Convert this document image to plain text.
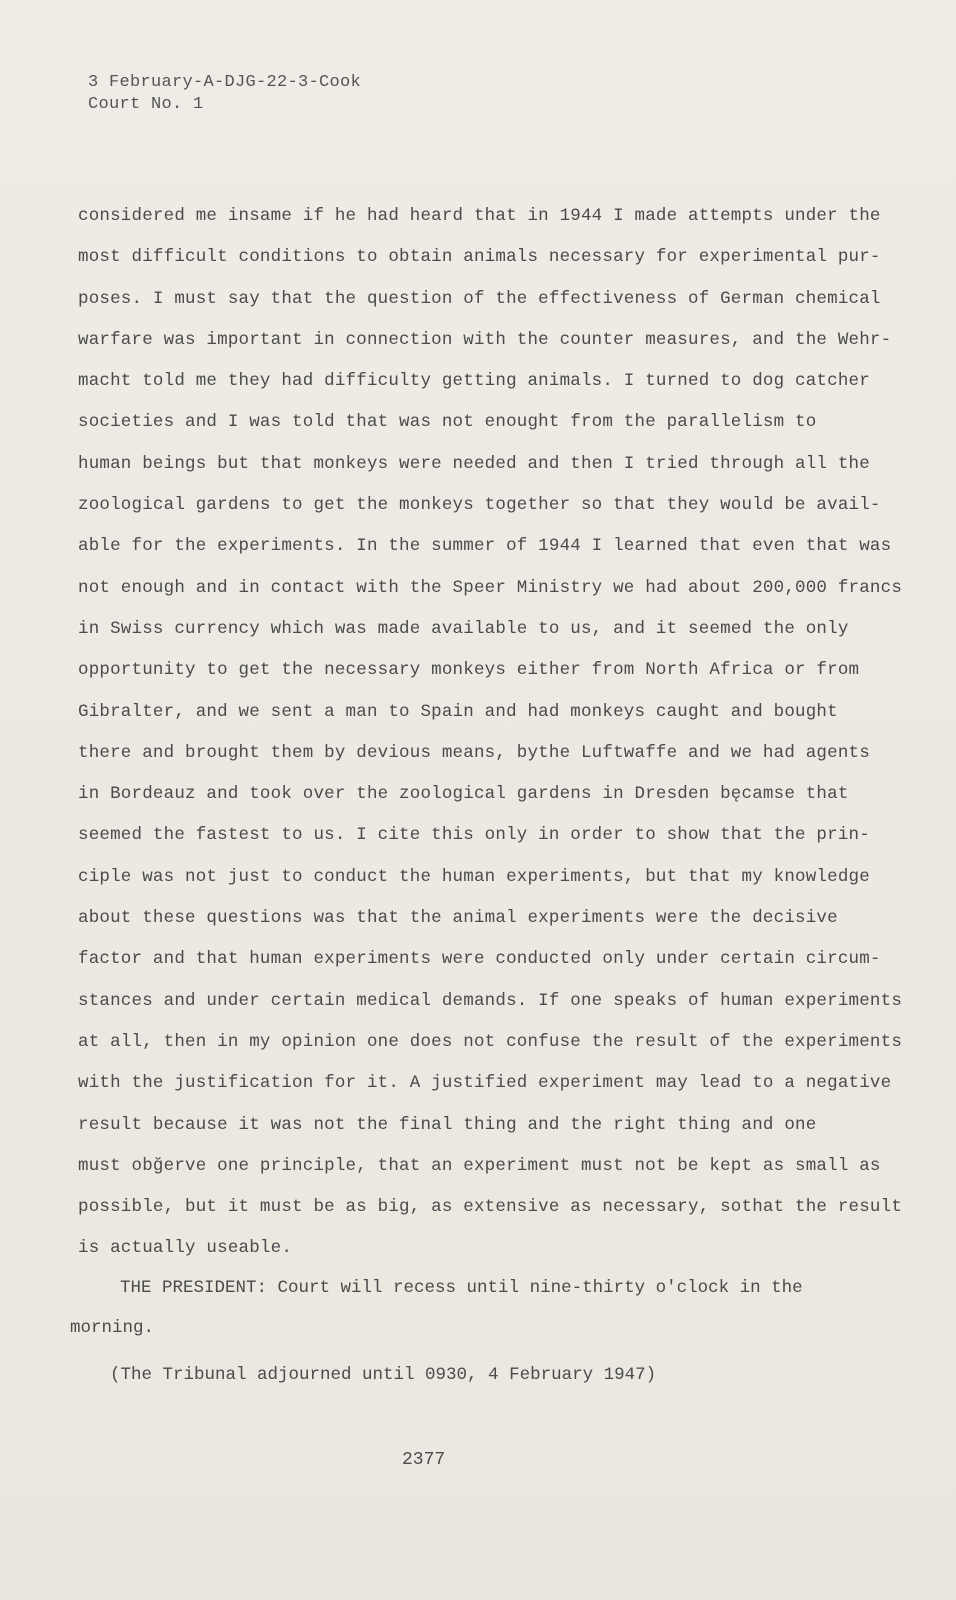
3 February-A-DJG-22-3-Cook
Court No. 1
considered me insame if he had heard that in 1944 I made attempts under the
most difficult conditions to obtain animals necessary for experimental pur-
poses. I must say that the question of the effectiveness of German chemical
warfare was important in connection with the counter measures, and the Wehr-
macht told me they had difficulty getting animals. I turned to dog catcher
societies and I was told that was not enought from the parallelism to
human beings but that monkeys were needed and then I tried through all the
zoological gardens to get the monkeys together so that they would be avail-
able for the experiments. In the summer of 1944 I learned that even that was
not enough and in contact with the Speer Ministry we had about 200,000 francs
in Swiss currency which was made available to us, and it seemed the only
opportunity to get the necessary monkeys either from North Africa or from
Gibralter, and we sent a man to Spain and had monkeys caught and bought
there and brought them by devious means, bythe Luftwaffe and we had agents
in Bordeauz and took over the zoological gardens in Dresden bęcamse that
seemed the fastest to us. I cite this only in order to show that the prin-
ciple was not just to conduct the human experiments, but that my knowledge
about these questions was that the animal experiments were the decisive
factor and that human experiments were conducted only under certain circum-
stances and under certain medical demands. If one speaks of human experiments
at all, then in my opinion one does not confuse the result of the experiments
with the justification for it. A justified experiment may lead to a negative
result because it was not the final thing and the right thing and one
must obğerve one principle, that an experiment must not be kept as small as
possible, but it must be as big, as extensive as necessary, sothat the result
is actually useable.
THE PRESIDENT: Court will recess until nine-thirty o'clock in the
morning.
(The Tribunal adjourned until 0930, 4 February 1947)
2377
